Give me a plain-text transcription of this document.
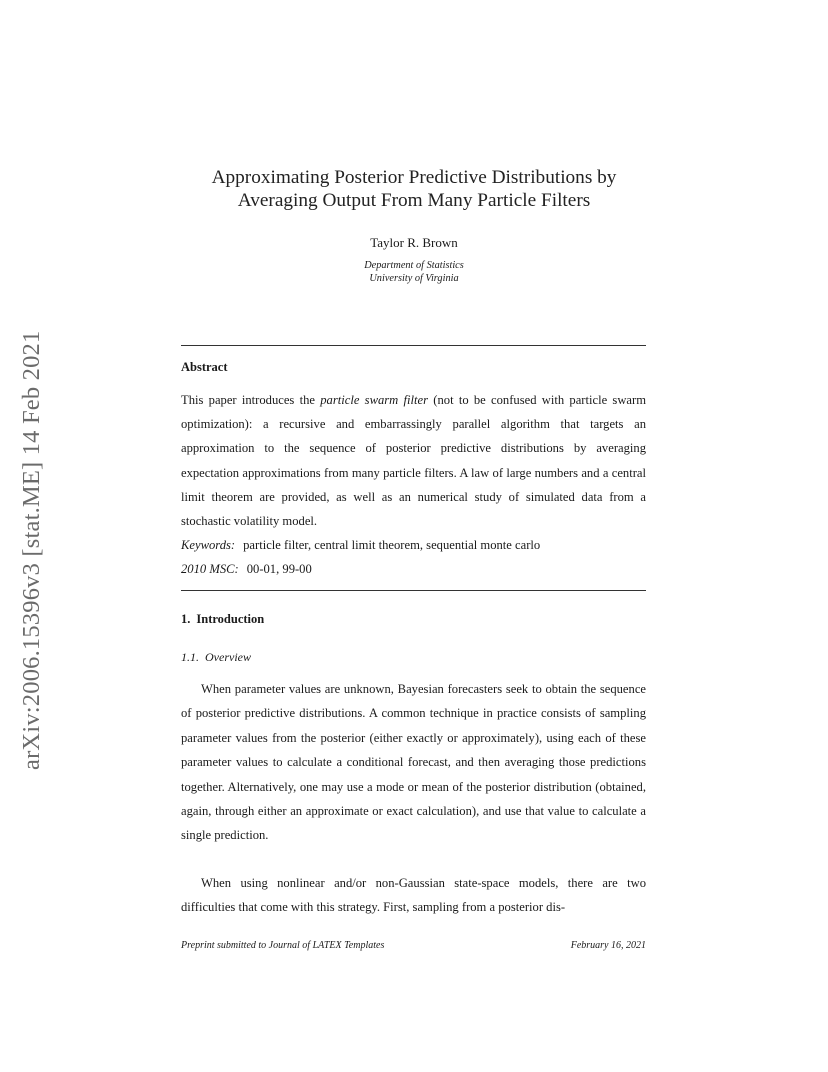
arXiv:2006.15396v3 [stat.ME] 14 Feb 2021
Approximating Posterior Predictive Distributions by
Averaging Output From Many Particle Filters
Taylor R. Brown
Department of Statistics
University of Virginia
Abstract

This paper introduces the particle swarm filter (not to be confused with particle swarm optimization): a recursive and embarrassingly parallel algorithm that targets an approximation to the sequence of posterior predictive distributions by averaging expectation approximations from many particle filters. A law of large numbers and a central limit theorem are provided, as well as an numerical study of simulated data from a stochastic volatility model.

Keywords: particle filter, central limit theorem, sequential monte carlo
2010 MSC: 00-01, 99-00
1. Introduction
1.1. Overview

When parameter values are unknown, Bayesian forecasters seek to obtain the sequence of posterior predictive distributions. A common technique in practice consists of sampling parameter values from the posterior (either exactly or approximately), using each of these parameter values to calculate a conditional forecast, and then averaging those predictions together. Alternatively, one may use a mode or mean of the posterior distribution (obtained, again, through either an approximate or exact calculation), and use that value to calculate a single prediction.

When using nonlinear and/or non-Gaussian state-space models, there are two difficulties that come with this strategy. First, sampling from a posterior dis-

Preprint submitted to Journal of LATEX Templates	February 16, 2021
